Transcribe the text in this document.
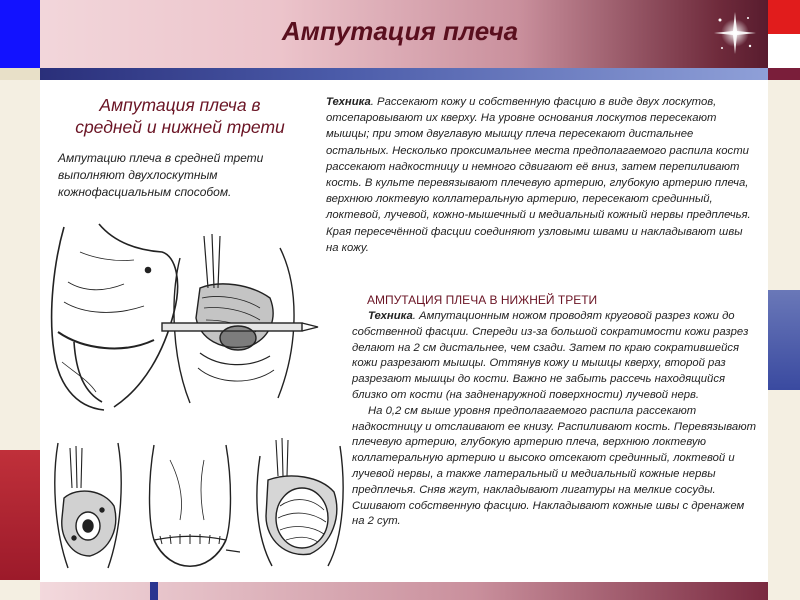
Ампутация плеча
Ампутация плеча в
средней и нижней трети
Ампутацию плеча в средней трети выполняют двухлоскутным кожнофасциальным способом.
Техника. Рассекают кожу и собственную фасцию в виде двух лоскутов, отсепаровывают их кверху. На уровне основания лоскутов пересекают мышцы; при этом двуглавую мышцу плеча пересекают дистальнее остальных. Несколько проксимальнее места предполагаемого распила кости рассекают надкостницу и немного сдвигают её вниз, затем перепиливают кость. В культе перевязывают плечевую артерию, глубокую артерию плеча, верхнюю локтевую коллатеральную артерию, пересекают срединный, локтевой, лучевой, кожно-мышечный и медиальный кожный нервы предплечья. Края пересечённой фасции соединяют узловыми швами и накладывают швы на кожу.
АМПУТАЦИЯ ПЛЕЧА В НИЖНЕЙ ТРЕТИ

Техника. Ампутационным ножом проводят круговой разрез кожи до собственной фасции. Спереди из-за большой сократимости кожи разрез делают на 2 см дистальнее, чем сзади. Затем по краю сократившейся кожи разрезают мышцы. Оттянув кожу и мышцы кверху, второй раз разрезают мышцы до кости. Важно не забыть рассечь находящийся близко от кости (на задненаружной поверхности) лучевой нерв.

На 0,2 см выше уровня предполагаемого распила рассекают надкостницу и отслаивают ее книзу. Распиливают кость. Перевязывают плечевую артерию, глубокую артерию плеча, верхнюю локтевую коллатеральную артерию и высоко отсекают срединный, локтевой и лучевой нервы, а также латеральный и медиальный кожные нервы предплечья. Сняв жгут, накладывают лигатуры на мелкие сосуды. Сшивают собственную фасцию. Накладывают кожные швы с дренажем на 2 сут.
